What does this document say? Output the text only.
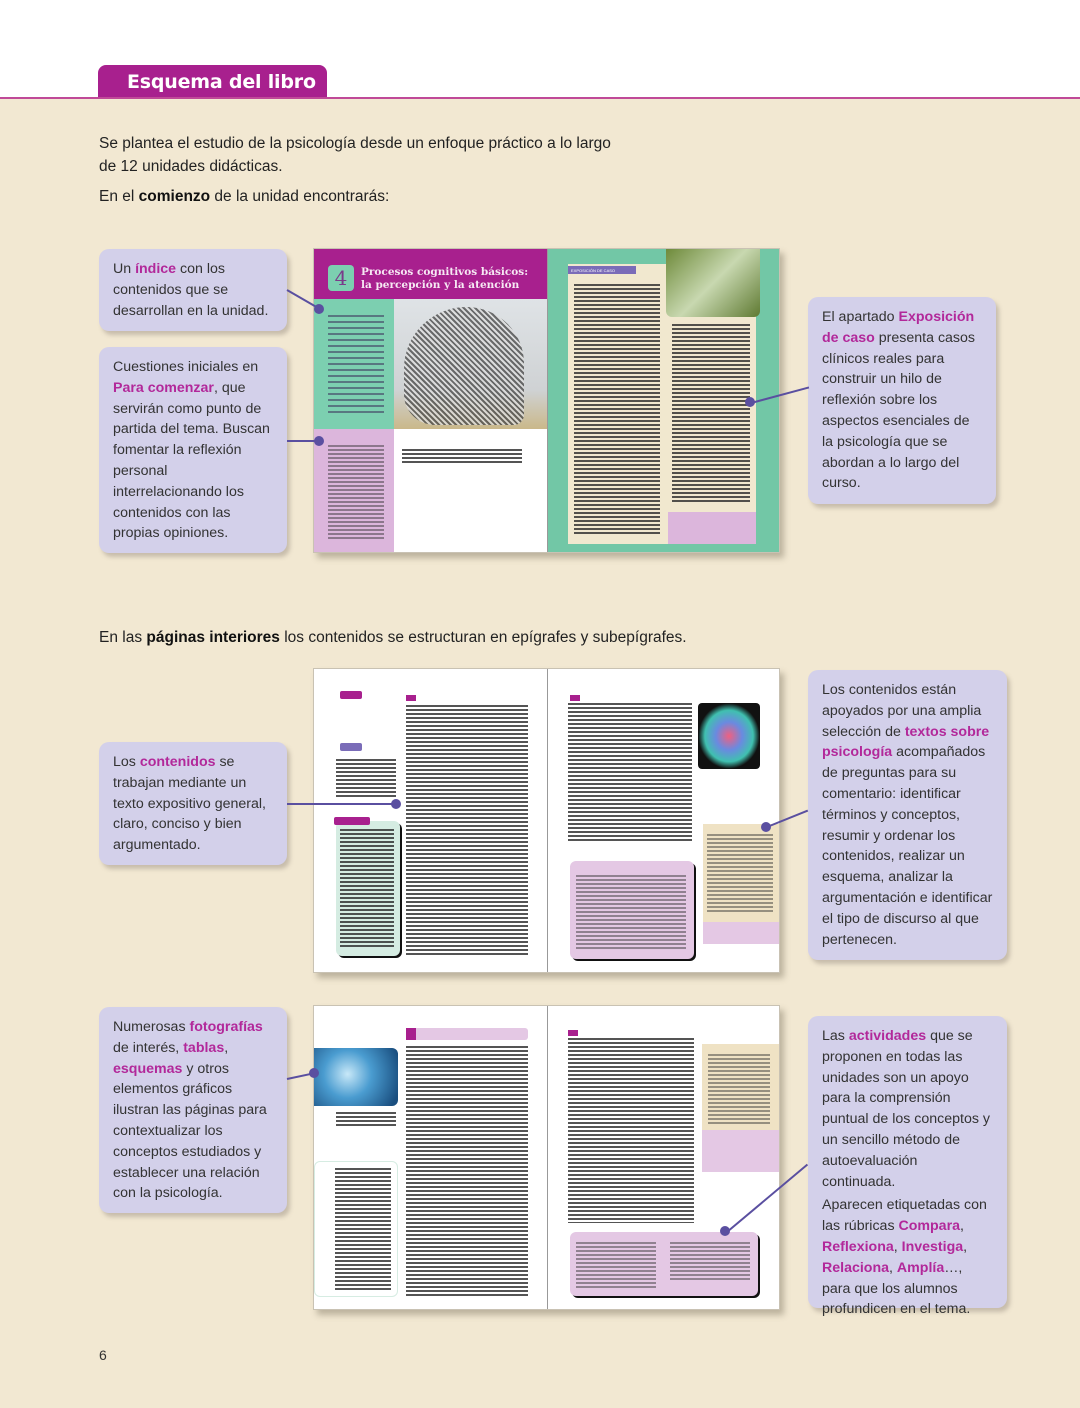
Esquema del libro
Se plantea el estudio de la psicología desde un enfoque práctico a lo largo
de 12 unidades didácticas.
En el comienzo de la unidad encontrarás:
Un índice con los contenidos que se desarrollan en la unidad.
Cuestiones iniciales en Para comenzar, que servirán como punto de partida del tema. Buscan fomentar la reflexión personal interrelacionando los contenidos con las propias opiniones.
El apartado Exposición de caso presenta casos clínicos reales para construir un hilo de reflexión sobre los aspectos esenciales de la psicología que se abordan a lo largo del curso.
4	Procesos cognitivos básicos:
la percepción y la atención
EXPOSICIÓN DE CASO
En las páginas interiores los contenidos se estructuran en epígrafes y subepígrafes.
Los contenidos se trabajan mediante un texto expositivo general, claro, conciso y bien argumentado.
Los contenidos están apoyados por una amplia selección de textos sobre psicología acompañados de preguntas para su comentario: identificar términos y conceptos, resumir y ordenar los contenidos, realizar un esquema, analizar la argumentación e identificar el tipo de discurso al que pertenecen.
Numerosas fotografías de interés, tablas, esquemas y otros elementos gráficos ilustran las páginas para contextualizar los conceptos estudiados y establecer una relación con la psicología.
Las actividades que se proponen en todas las unidades son un apoyo para la comprensión puntual de los conceptos y un sencillo método de autoevaluación continuada.
Aparecen etiquetadas con las rúbricas Compara, Reflexiona, Investiga, Relaciona, Amplía…, para que los alumnos profundicen en el tema.
6
